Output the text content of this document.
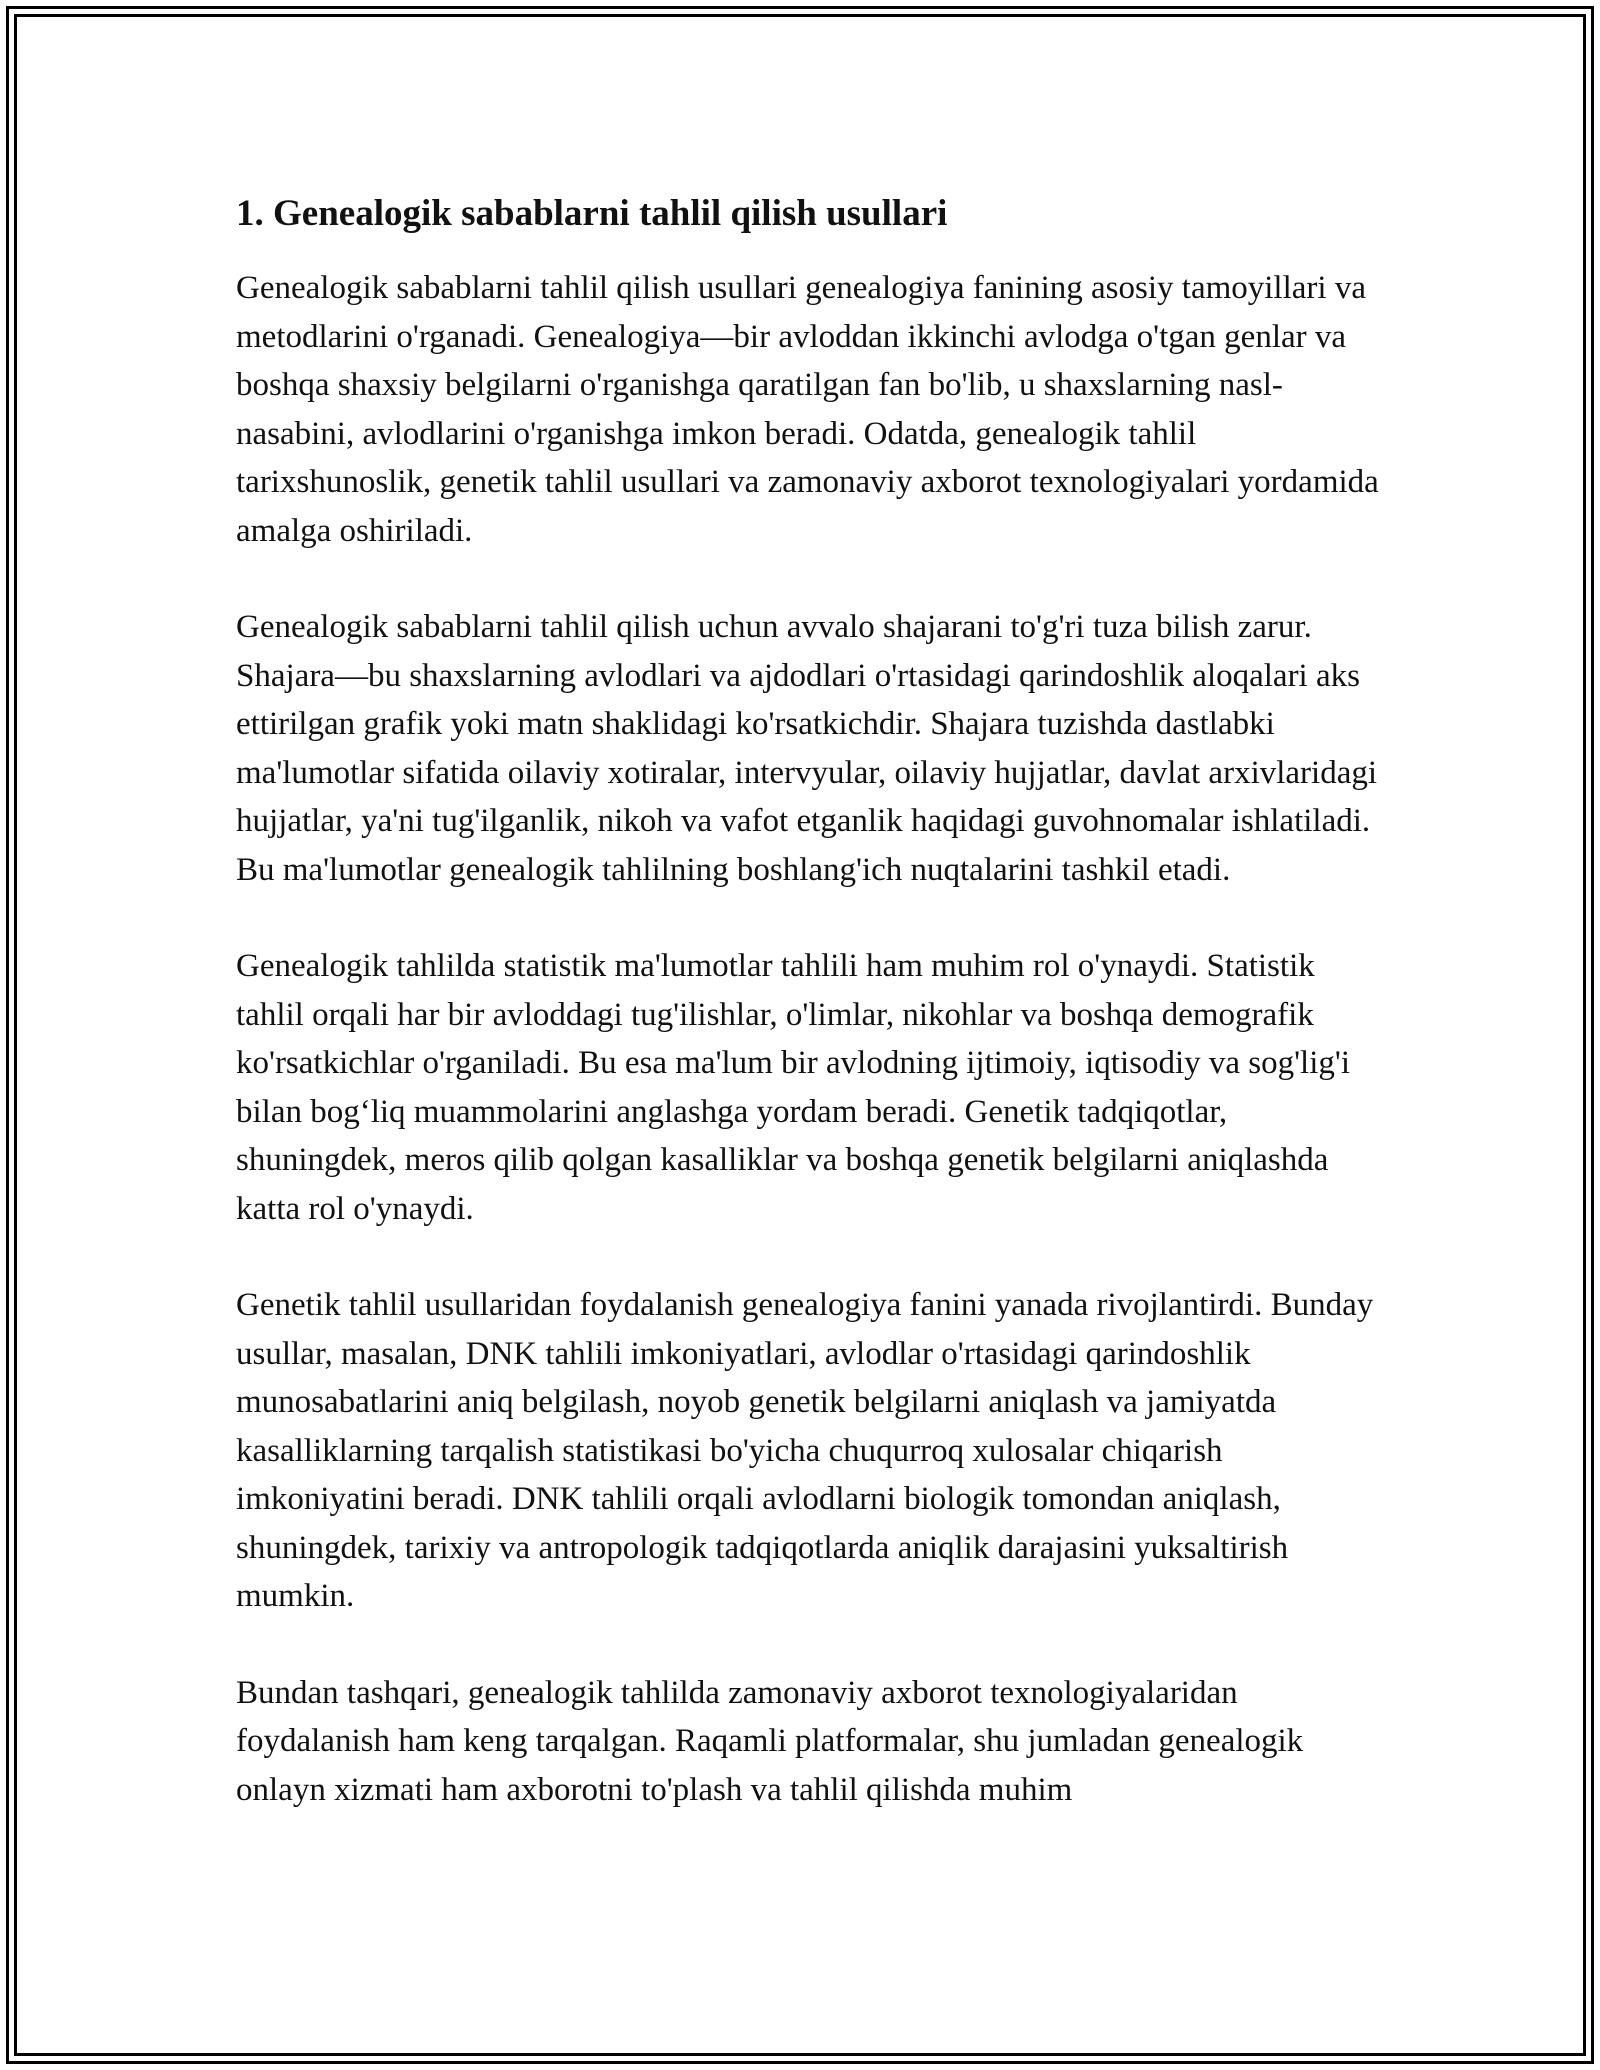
1. Genealogik sabablarni tahlil qilish usullari

Genealogik sabablarni tahlil qilish usullari genealogiya fanining asosiy tamoyillari va metodlarini o'rganadi. Genealogiya—bir avloddan ikkinchi avlodga o'tgan genlar va boshqa shaxsiy belgilarni o'rganishga qaratilgan fan bo'lib, u shaxslarning nasl-nasabini, avlodlarini o'rganishga imkon beradi. Odatda, genealogik tahlil tarixshunoslik, genetik tahlil usullari va zamonaviy axborot texnologiyalari yordamida amalga oshiriladi.

Genealogik sabablarni tahlil qilish uchun avvalo shajarani to'g'ri tuza bilish zarur. Shajara—bu shaxslarning avlodlari va ajdodlari o'rtasidagi qarindoshlik aloqalari aks ettirilgan grafik yoki matn shaklidagi ko'rsatkichdir. Shajara tuzishda dastlabki ma'lumotlar sifatida oilaviy xotiralar, intervyular, oilaviy hujjatlar, davlat arxivlaridagi hujjatlar, ya'ni tug'ilganlik, nikoh va vafot etganlik haqidagi guvohnomalar ishlatiladi. Bu ma'lumotlar genealogik tahlilning boshlang'ich nuqtalarini tashkil etadi.

Genealogik tahlilda statistik ma'lumotlar tahlili ham muhim rol o'ynaydi. Statistik tahlil orqali har bir avloddagi tug'ilishlar, o'limlar, nikohlar va boshqa demografik ko'rsatkichlar o'rganiladi. Bu esa ma'lum bir avlodning ijtimoiy, iqtisodiy va sog'lig'i bilan bog‘liq muammolarini anglashga yordam beradi. Genetik tadqiqotlar, shuningdek, meros qilib qolgan kasalliklar va boshqa genetik belgilarni aniqlashda katta rol o'ynaydi.

Genetik tahlil usullaridan foydalanish genealogiya fanini yanada rivojlantirdi. Bunday usullar, masalan, DNK tahlili imkoniyatlari, avlodlar o'rtasidagi qarindoshlik munosabatlarini aniq belgilash, noyob genetik belgilarni aniqlash va jamiyatda kasalliklarning tarqalish statistikasi bo'yicha chuqurroq xulosalar chiqarish imkoniyatini beradi. DNK tahlili orqali avlodlarni biologik tomondan aniqlash, shuningdek, tarixiy va antropologik tadqiqotlarda aniqlik darajasini yuksaltirish mumkin.

Bundan tashqari, genealogik tahlilda zamonaviy axborot texnologiyalaridan foydalanish ham keng tarqalgan. Raqamli platformalar, shu jumladan genealogik onlayn xizmati ham axborotni to'plash va tahlil qilishda muhim
